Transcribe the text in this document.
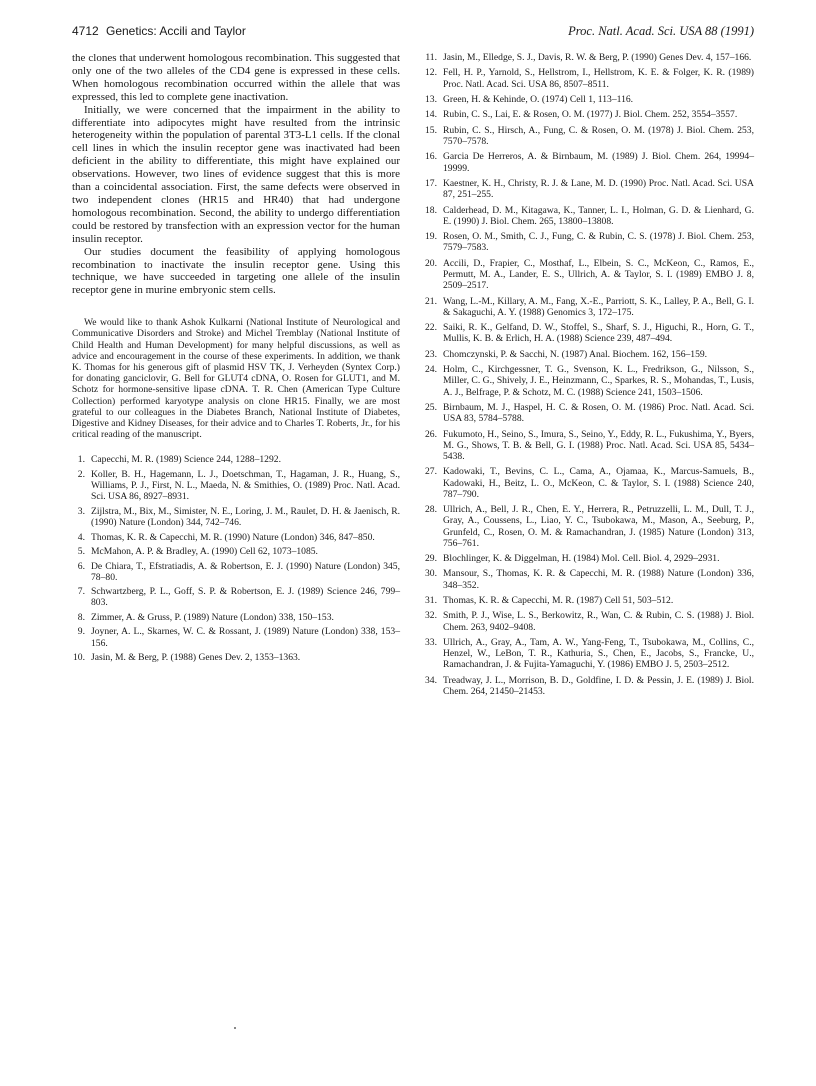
4712 Genetics: Accili and Taylor	Proc. Natl. Acad. Sci. USA 88 (1991)

the clones that underwent homologous recombination. This suggested that only one of the two alleles of the CD4 gene is expressed in these cells. When homologous recombination occurred within the allele that was expressed, this led to complete gene inactivation.

Initially, we were concerned that the impairment in the ability to differentiate into adipocytes might have resulted from the intrinsic heterogeneity within the population of parental 3T3-L1 cells. If the clonal cell lines in which the insulin receptor gene was inactivated had been deficient in the ability to differentiate, this might have explained our observations. However, two lines of evidence suggest that this is more than a coincidental association. First, the same defects were observed in two independent clones (HR15 and HR40) that had undergone homologous recombination. Second, the ability to undergo differentiation could be restored by transfection with an expression vector for the human insulin receptor.

Our studies document the feasibility of applying homologous recombination to inactivate the insulin receptor gene. Using this technique, we have succeeded in targeting one allele of the insulin receptor gene in murine embryonic stem cells.

We would like to thank Ashok Kulkarni (National Institute of Neurological and Communicative Disorders and Stroke) and Michel Tremblay (National Institute of Child Health and Human Development) for many helpful discussions, as well as advice and encouragement in the course of these experiments. In addition, we thank K. Thomas for his generous gift of plasmid HSV TK, J. Verheyden (Syntex Corp.) for donating ganciclovir, G. Bell for GLUT4 cDNA, O. Rosen for GLUT1, and M. Schotz for hormone-sensitive lipase cDNA. T. R. Chen (American Type Culture Collection) performed karyotype analysis on clone HR15. Finally, we are most grateful to our colleagues in the Diabetes Branch, National Institute of Diabetes, Digestive and Kidney Diseases, for their advice and to Charles T. Roberts, Jr., for his critical reading of the manuscript.

1. Capecchi, M. R. (1989) Science 244, 1288–1292.
2. Koller, B. H., Hagemann, L. J., Doetschman, T., Hagaman, J. R., Huang, S., Williams, P. J., First, N. L., Maeda, N. & Smithies, O. (1989) Proc. Natl. Acad. Sci. USA 86, 8927–8931.
3. Zijlstra, M., Bix, M., Simister, N. E., Loring, J. M., Raulet, D. H. & Jaenisch, R. (1990) Nature (London) 344, 742–746.
4. Thomas, K. R. & Capecchi, M. R. (1990) Nature (London) 346, 847–850.
5. McMahon, A. P. & Bradley, A. (1990) Cell 62, 1073–1085.
6. De Chiara, T., Efstratiadis, A. & Robertson, E. J. (1990) Nature (London) 345, 78–80.
7. Schwartzberg, P. L., Goff, S. P. & Robertson, E. J. (1989) Science 246, 799–803.
8. Zimmer, A. & Gruss, P. (1989) Nature (London) 338, 150–153.
9. Joyner, A. L., Skarnes, W. C. & Rossant, J. (1989) Nature (London) 338, 153–156.
10. Jasin, M. & Berg, P. (1988) Genes Dev. 2, 1353–1363.
11. Jasin, M., Elledge, S. J., Davis, R. W. & Berg, P. (1990) Genes Dev. 4, 157–166.
12. Fell, H. P., Yarnold, S., Hellstrom, I., Hellstrom, K. E. & Folger, K. R. (1989) Proc. Natl. Acad. Sci. USA 86, 8507–8511.
13. Green, H. & Kehinde, O. (1974) Cell 1, 113–116.
14. Rubin, C. S., Lai, E. & Rosen, O. M. (1977) J. Biol. Chem. 252, 3554–3557.
15. Rubin, C. S., Hirsch, A., Fung, C. & Rosen, O. M. (1978) J. Biol. Chem. 253, 7570–7578.
16. Garcia De Herreros, A. & Birnbaum, M. (1989) J. Biol. Chem. 264, 19994–19999.
17. Kaestner, K. H., Christy, R. J. & Lane, M. D. (1990) Proc. Natl. Acad. Sci. USA 87, 251–255.
18. Calderhead, D. M., Kitagawa, K., Tanner, L. I., Holman, G. D. & Lienhard, G. E. (1990) J. Biol. Chem. 265, 13800–13808.
19. Rosen, O. M., Smith, C. J., Fung, C. & Rubin, C. S. (1978) J. Biol. Chem. 253, 7579–7583.
20. Accili, D., Frapier, C., Mosthaf, L., Elbein, S. C., McKeon, C., Ramos, E., Permutt, M. A., Lander, E. S., Ullrich, A. & Taylor, S. I. (1989) EMBO J. 8, 2509–2517.
21. Wang, L.-M., Killary, A. M., Fang, X.-E., Parriott, S. K., Lalley, P. A., Bell, G. I. & Sakaguchi, A. Y. (1988) Genomics 3, 172–175.
22. Saiki, R. K., Gelfand, D. W., Stoffel, S., Sharf, S. J., Higuchi, R., Horn, G. T., Mullis, K. B. & Erlich, H. A. (1988) Science 239, 487–494.
23. Chomczynski, P. & Sacchi, N. (1987) Anal. Biochem. 162, 156–159.
24. Holm, C., Kirchgessner, T. G., Svenson, K. L., Fredrikson, G., Nilsson, S., Miller, C. G., Shively, J. E., Heinzmann, C., Sparkes, R. S., Mohandas, T., Lusis, A. J., Belfrage, P. & Schotz, M. C. (1988) Science 241, 1503–1506.
25. Birnbaum, M. J., Haspel, H. C. & Rosen, O. M. (1986) Proc. Natl. Acad. Sci. USA 83, 5784–5788.
26. Fukumoto, H., Seino, S., Imura, S., Seino, Y., Eddy, R. L., Fukushima, Y., Byers, M. G., Shows, T. B. & Bell, G. I. (1988) Proc. Natl. Acad. Sci. USA 85, 5434–5438.
27. Kadowaki, T., Bevins, C. L., Cama, A., Ojamaa, K., Marcus-Samuels, B., Kadowaki, H., Beitz, L. O., McKeon, C. & Taylor, S. I. (1988) Science 240, 787–790.
28. Ullrich, A., Bell, J. R., Chen, E. Y., Herrera, R., Petruzzelli, L. M., Dull, T. J., Gray, A., Coussens, L., Liao, Y. C., Tsubokawa, M., Mason, A., Seeburg, P., Grunfeld, C., Rosen, O. M. & Ramachandran, J. (1985) Nature (London) 313, 756–761.
29. Blochlinger, K. & Diggelman, H. (1984) Mol. Cell. Biol. 4, 2929–2931.
30. Mansour, S., Thomas, K. R. & Capecchi, M. R. (1988) Nature (London) 336, 348–352.
31. Thomas, K. R. & Capecchi, M. R. (1987) Cell 51, 503–512.
32. Smith, P. J., Wise, L. S., Berkowitz, R., Wan, C. & Rubin, C. S. (1988) J. Biol. Chem. 263, 9402–9408.
33. Ullrich, A., Gray, A., Tam, A. W., Yang-Feng, T., Tsubokawa, M., Collins, C., Henzel, W., LeBon, T. R., Kathuria, S., Chen, E., Jacobs, S., Francke, U., Ramachandran, J. & Fujita-Yamaguchi, Y. (1986) EMBO J. 5, 2503–2512.
34. Treadway, J. L., Morrison, B. D., Goldfine, I. D. & Pessin, J. E. (1989) J. Biol. Chem. 264, 21450–21453.
